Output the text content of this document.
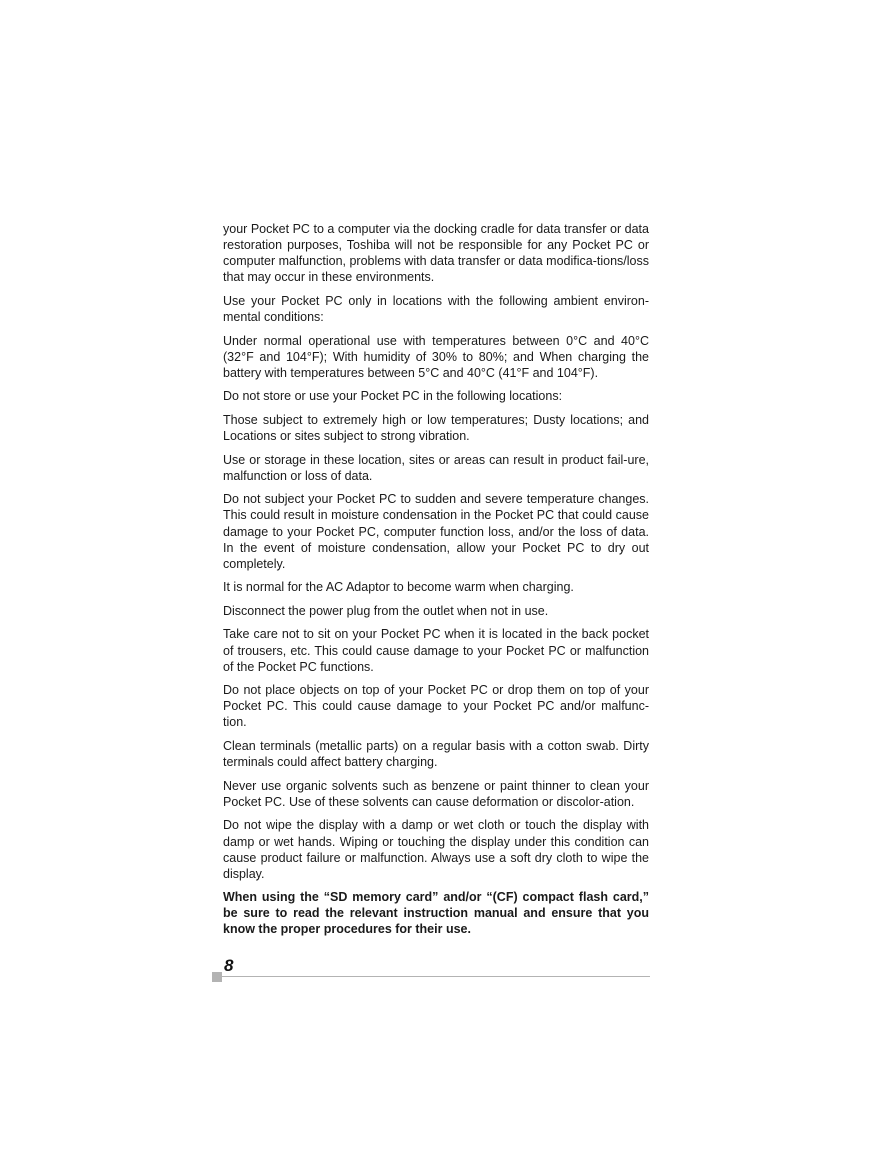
your Pocket PC to a computer via the docking cradle for data transfer or data restoration purposes, Toshiba will not be responsible for any Pocket PC or computer malfunction, problems with data transfer or data modifica-tions/loss that may occur in these environments.

Use your Pocket PC only in locations with the following ambient environ-mental conditions:

Under normal operational use with temperatures between 0°C and 40°C (32°F and 104°F); With humidity of 30% to 80%; and When charging the battery with temperatures between 5°C and 40°C (41°F and 104°F).

Do not store or use your Pocket PC in the following locations:

Those subject to extremely high or low temperatures; Dusty locations; and Locations or sites subject to strong vibration.

Use or storage in these location, sites or areas can result in product fail-ure, malfunction or loss of data.

Do not subject your Pocket PC to sudden and severe temperature changes. This could result in moisture condensation in the Pocket PC that could cause damage to your Pocket PC, computer function loss, and/or the loss of data. In the event of moisture condensation, allow your Pocket PC to dry out completely.

It is normal for the AC Adaptor to become warm when charging.

Disconnect the power plug from the outlet when not in use.

Take care not to sit on your Pocket PC when it is located in the back pocket of trousers, etc. This could cause damage to your Pocket PC or malfunction of the Pocket PC functions.

Do not place objects on top of your Pocket PC or drop them on top of your Pocket PC. This could cause damage to your Pocket PC and/or malfunc-tion.

Clean terminals (metallic parts) on a regular basis with a cotton swab. Dirty terminals could affect battery charging.

Never use organic solvents such as benzene or paint thinner to clean your Pocket PC. Use of these solvents can cause deformation or discolor-ation.

Do not wipe the display with a damp or wet cloth or touch the display with damp or wet hands. Wiping or touching the display under this condition can cause product failure or malfunction. Always use a soft dry cloth to wipe the display.

When using the “SD memory card” and/or “(CF) compact flash card,” be sure to read the relevant instruction manual and ensure that you know the proper procedures for their use.

8
